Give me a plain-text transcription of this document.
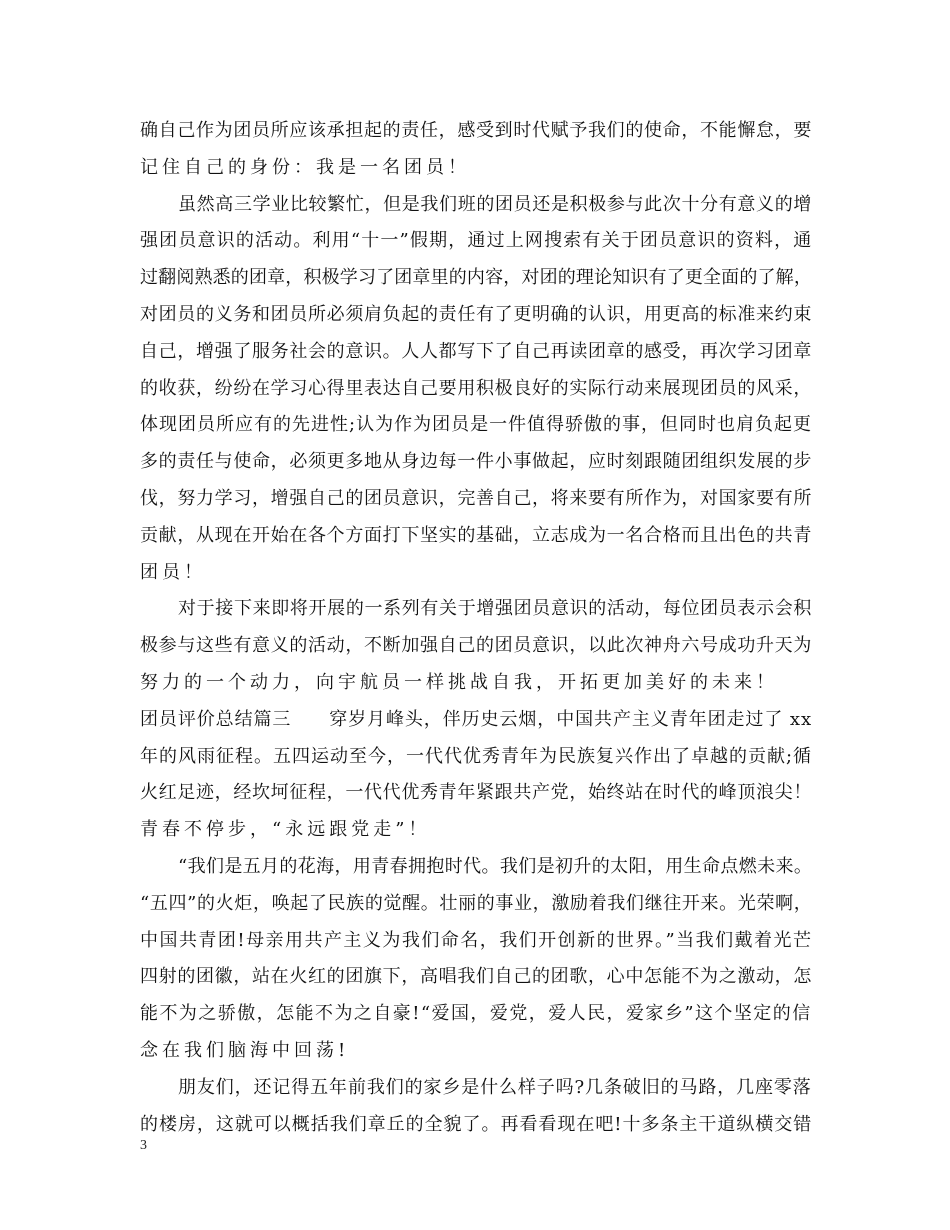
确自己作为团员所应该承担起的责任，感受到时代赋予我们的使命，不能懈怠，要
记住自己的身份：我是一名团员！
虽然高三学业比较繁忙，但是我们班的团员还是积极参与此次十分有意义的增
强团员意识的活动。利用“十一”假期，通过上网搜索有关于团员意识的资料，通
过翻阅熟悉的团章，积极学习了团章里的内容，对团的理论知识有了更全面的了解，
对团员的义务和团员所必须肩负起的责任有了更明确的认识，用更高的标准来约束
自己，增强了服务社会的意识。人人都写下了自己再读团章的感受，再次学习团章
的收获，纷纷在学习心得里表达自己要用积极良好的实际行动来展现团员的风采，
体现团员所应有的先进性;认为作为团员是一件值得骄傲的事，但同时也肩负起更
多的责任与使命，必须更多地从身边每一件小事做起，应时刻跟随团组织发展的步
伐，努力学习，增强自己的团员意识，完善自己，将来要有所作为，对国家要有所
贡献，从现在开始在各个方面打下坚实的基础，立志成为一名合格而且出色的共青
团员！
对于接下来即将开展的一系列有关于增强团员意识的活动，每位团员表示会积
极参与这些有意义的活动，不断加强自己的团员意识，以此次神舟六号成功升天为
努力的一个动力，向宇航员一样挑战自我，开拓更加美好的未来！
团员评价总结篇三　　穿岁月峰头，伴历史云烟，中国共产主义青年团走过了 xx
年的风雨征程。五四运动至今，一代代优秀青年为民族复兴作出了卓越的贡献;循
火红足迹，经坎坷征程，一代代优秀青年紧跟共产党，始终站在时代的峰顶浪尖！
青春不停步，“永远跟党走”！
“我们是五月的花海，用青春拥抱时代。我们是初升的太阳，用生命点燃未来。
“五四”的火炬，唤起了民族的觉醒。壮丽的事业，激励着我们继往开来。光荣啊，
中国共青团!母亲用共产主义为我们命名，我们开创新的世界。”当我们戴着光芒
四射的团徽，站在火红的团旗下，高唱我们自己的团歌，心中怎能不为之激动，怎
能不为之骄傲，怎能不为之自豪!“爱国，爱党，爱人民，爱家乡”这个坚定的信
念在我们脑海中回荡!
朋友们，还记得五年前我们的家乡是什么样子吗?几条破旧的马路，几座零落
的楼房，这就可以概括我们章丘的全貌了。再看看现在吧!十多条主干道纵横交错
3
